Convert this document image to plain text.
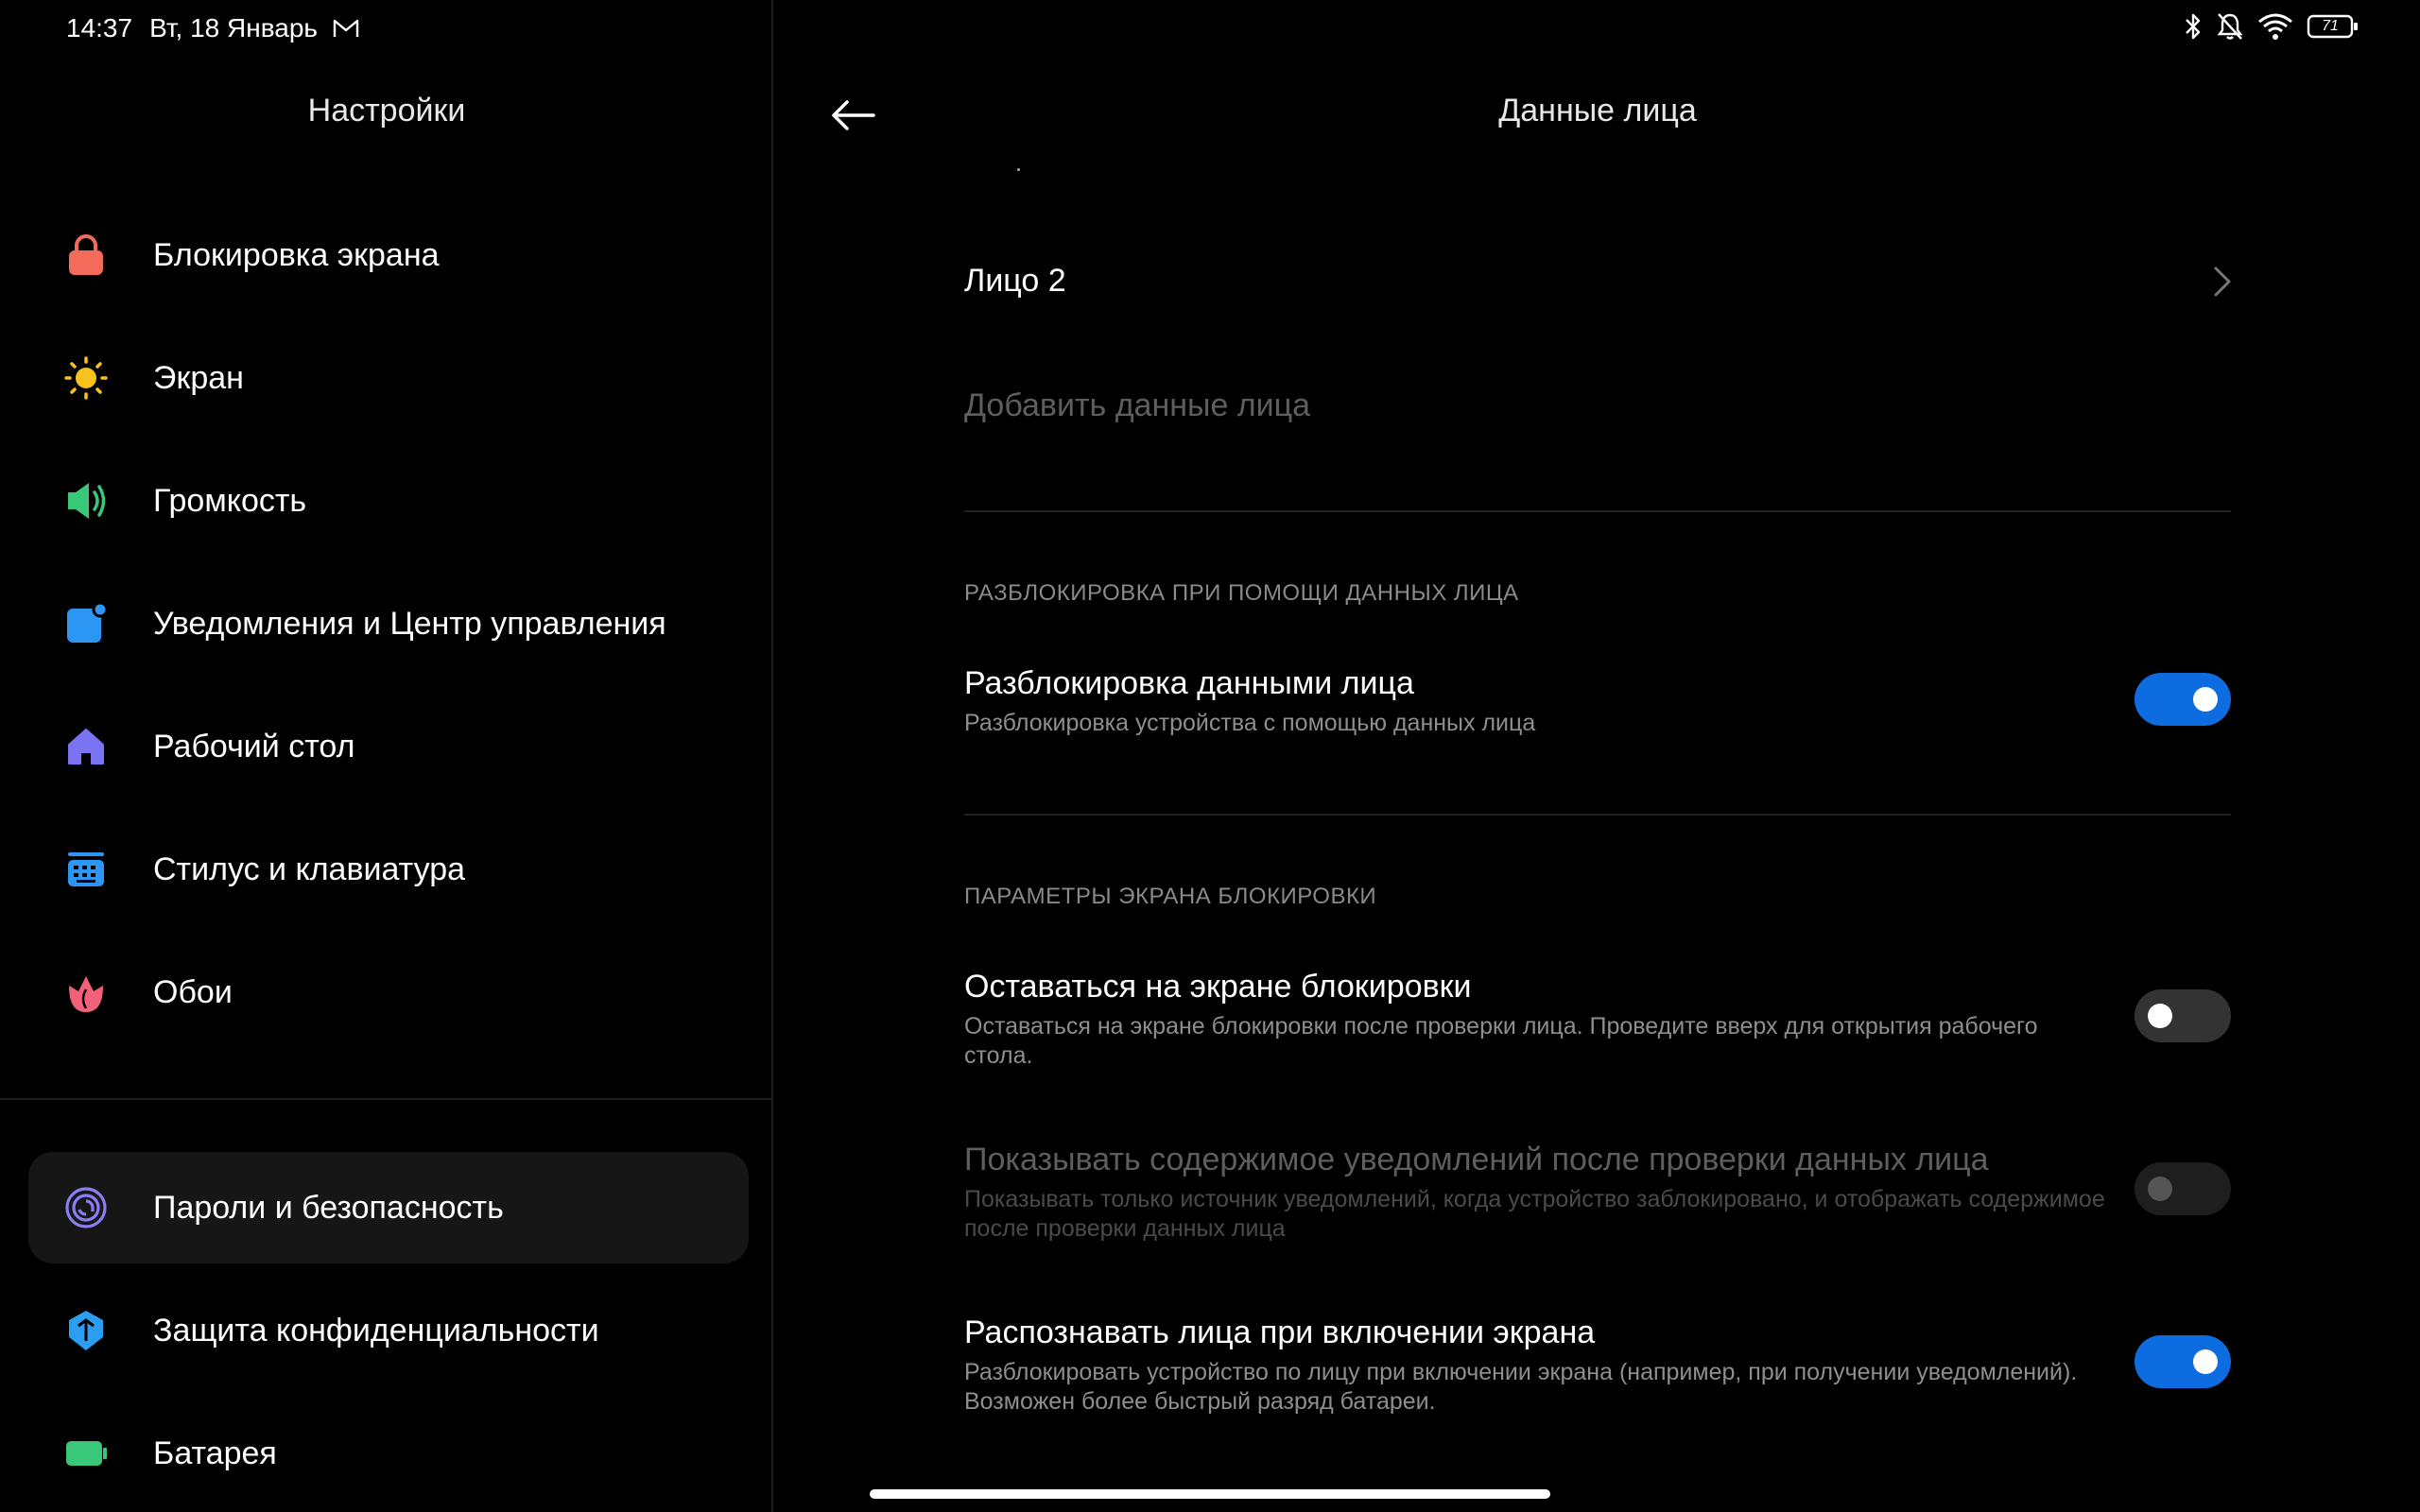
14:37 Вт, 18 Январь	71
Настройки
Блокировка экрана
Экран
Громкость
Уведомления и Центр управления
Рабочий стол
Стилус и клавиатура
Обои
Пароли и безопасность
Защита конфиденциальности
Батарея
Данные лица
Лицо 2
Добавить данные лица
РАЗБЛОКИРОВКА ПРИ ПОМОЩИ ДАННЫХ ЛИЦА
Разблокировка данными лица
Разблокировка устройства с помощью данных лица
ПАРАМЕТРЫ ЭКРАНА БЛОКИРОВКИ
Оставаться на экране блокировки
Оставаться на экране блокировки после проверки лица. Проведите вверх для открытия рабочего стола.
Показывать содержимое уведомлений после проверки данных лица
Показывать только источник уведомлений, когда устройство заблокировано, и отображать содержимое после проверки данных лица
Распознавать лица при включении экрана
Разблокировать устройство по лицу при включении экрана (например, при получении уведомлений). Возможен более быстрый разряд батареи.
